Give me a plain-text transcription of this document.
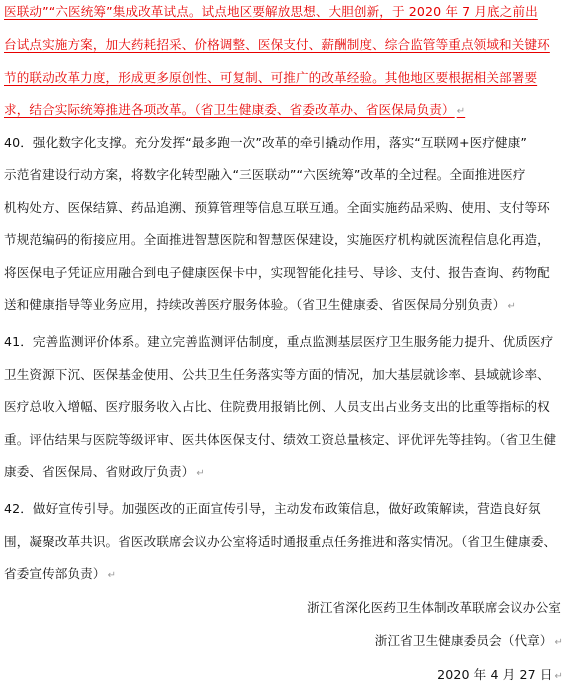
医联动”“六医统筹”集成改革试点。试点地区要解放思想、大胆创新，于 2020 年 7 月底之前出
台试点实施方案，加大药耗招采、价格调整、医保支付、薪酬制度、综合监管等重点领域和关键环
节的联动改革力度，形成更多原创性、可复制、可推广的改革经验。其他地区要根据相关部署要
求，结合实际统筹推进各项改革。（省卫生健康委、省委改革办、省医保局负责） ↵
40．强化数字化支撑。充分发挥“最多跑一次”改革的牵引撬动作用，落实“互联网+医疗健康”
示范省建设行动方案，将数字化转型融入“三医联动”“六医统筹”改革的全过程。全面推进医疗
机构处方、医保结算、药品追溯、预算管理等信息互联互通。全面实施药品采购、使用、支付等环
节规范编码的衔接应用。全面推进智慧医院和智慧医保建设，实施医疗机构就医流程信息化再造，
将医保电子凭证应用融合到电子健康医保卡中，实现智能化挂号、导诊、支付、报告查询、药物配
送和健康指导等业务应用，持续改善医疗服务体验。（省卫生健康委、省医保局分别负责） ↵
41．完善监测评价体系。建立完善监测评估制度，重点监测基层医疗卫生服务能力提升、优质医疗
卫生资源下沉、医保基金使用、公共卫生任务落实等方面的情况，加大基层就诊率、县域就诊率、
医疗总收入增幅、医疗服务收入占比、住院费用报销比例、人员支出占业务支出的比重等指标的权
重。评估结果与医院等级评审、医共体医保支付、绩效工资总量核定、评优评先等挂钩。（省卫生健
康委、省医保局、省财政厅负责） ↵
42．做好宣传引导。加强医改的正面宣传引导，主动发布政策信息，做好政策解读，营造良好氛
围，凝聚改革共识。省医改联席会议办公室将适时通报重点任务推进和落实情况。（省卫生健康委、
省委宣传部负责） ↵
浙江省深化医药卫生体制改革联席会议办公室
浙江省卫生健康委员会（代章） ↵
2020 年 4 月 27 日 ↵
